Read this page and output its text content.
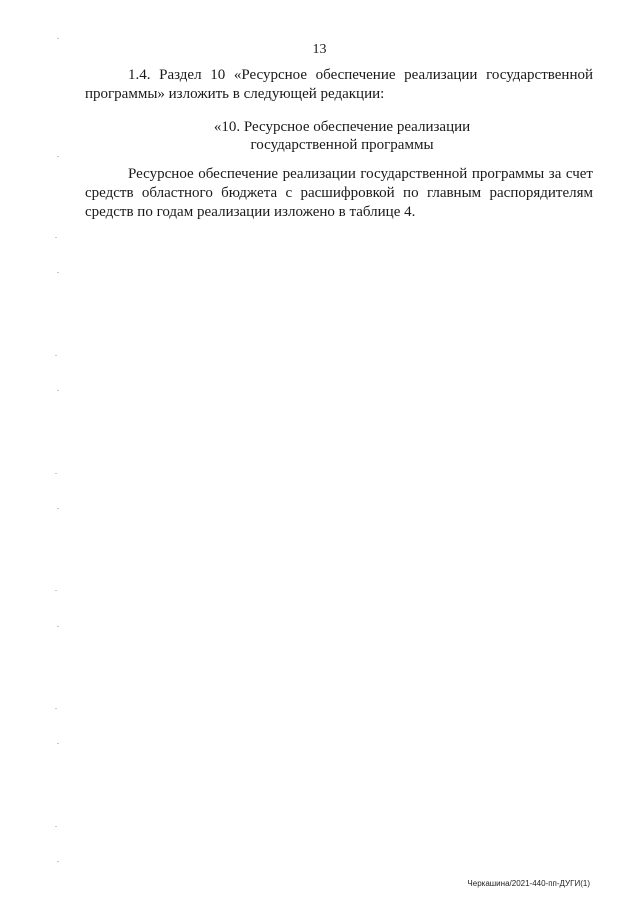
13
1.4. Раздел 10 «Ресурсное обеспечение реализации государственной
программы» изложить в следующей редакции:
«10. Ресурсное обеспечение реализации
государственной программы
Ресурсное обеспечение реализации государственной программы за счет
средств областного бюджета с расшифровкой по главным распорядителям
средств по годам реализации изложено в таблице 4.
Черкашина/2021-440-пп-ДУГИ(1)
